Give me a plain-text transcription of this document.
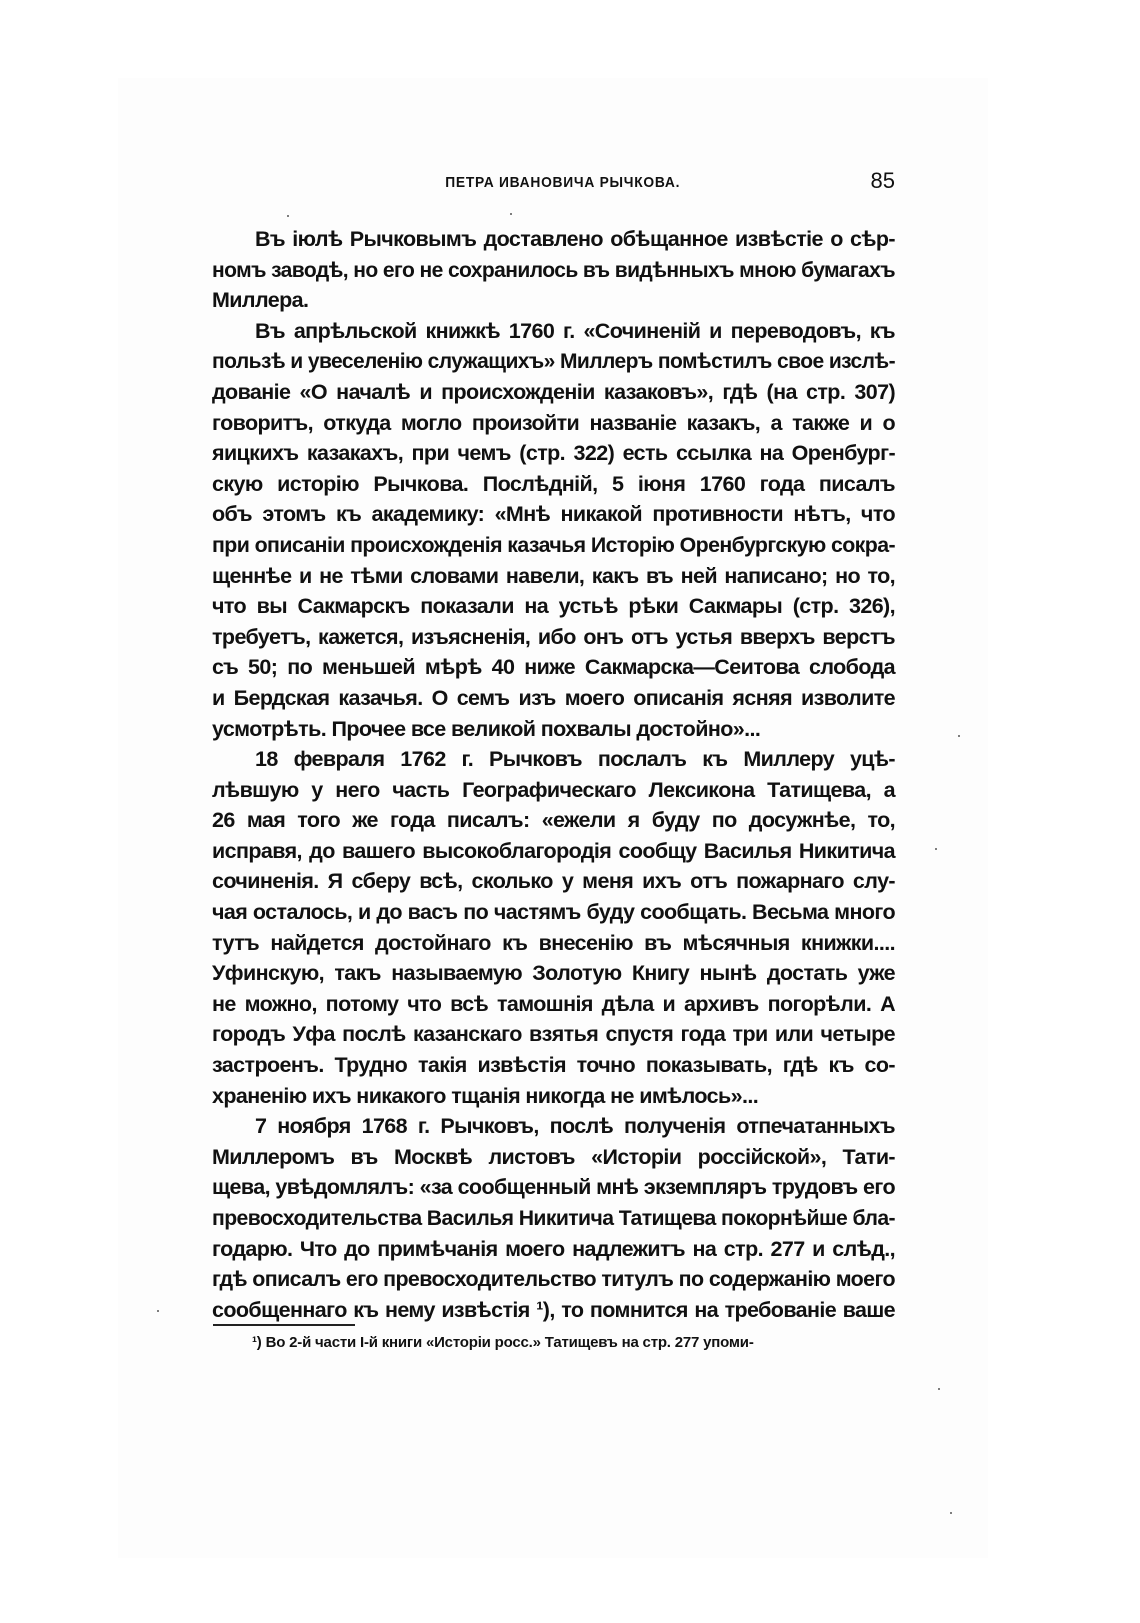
ПЕТРА ИВАНОВИЧА РЫЧКОВА.	85
Въ іюлѣ Рычковымъ доставлено обѣщанное извѣстіе о сѣр-
номъ заводѣ, но его не сохранилось въ видѣнныхъ мною бумагахъ
Миллера.
Въ апрѣльской книжкѣ 1760 г. «Сочиненій и переводовъ, къ
пользѣ и увеселенію служащихъ» Миллеръ помѣстилъ свое изслѣ-
дованіе «О началѣ и происхожденіи казаковъ», гдѣ (на стр. 307)
говоритъ, откуда могло произойти названіе казакъ, а также и о
яицкихъ казакахъ, при чемъ (стр. 322) есть ссылка на Оренбург-
скую исторію Рычкова. Послѣдній, 5 іюня 1760 года писалъ
объ этомъ къ академику: «Мнѣ никакой противности нѣтъ, что
при описаніи происхожденія казачья Исторію Оренбургскую сокра-
щеннѣе и не тѣми словами навели, какъ въ ней написано; но то,
что вы Сакмарскъ показали на устьѣ рѣки Сакмары (стр. 326),
требуетъ, кажется, изъясненія, ибо онъ отъ устья вверхъ верстъ
съ 50; по меньшей мѣрѣ 40 ниже Сакмарска—Сеитова слобода
и Бердская казачья. О семъ изъ моего описанія ясняя изволите
усмотрѣть. Прочее все великой похвалы достойно»...
18 февраля 1762 г. Рычковъ послалъ къ Миллеру уцѣ-
лѣвшую у него часть Географическаго Лексикона Татищева, а
26 мая того же года писалъ: «ежели я буду по досужнѣе, то,
исправя, до вашего высокоблагородія сообщу Василья Никитича
сочиненія. Я сберу всѣ, сколько у меня ихъ отъ пожарнаго слу-
чая осталось, и до васъ по частямъ буду сообщать. Весьма много
тутъ найдется достойнаго къ внесенію въ мѣсячныя книжки....
Уфинскую, такъ называемую Золотую Книгу нынѣ достать уже
не можно, потому что всѣ тамошнія дѣла и архивъ погорѣли. А
городъ Уфа послѣ казанскаго взятья спустя года три или четыре
застроенъ. Трудно такія извѣстія точно показывать, гдѣ къ со-
храненію ихъ никакого тщанія никогда не имѣлось»...
7 ноября 1768 г. Рычковъ, послѣ полученія отпечатанныхъ
Миллеромъ въ Москвѣ листовъ «Исторіи россійской», Тати-
щева, увѣдомлялъ: «за сообщенный мнѣ экземпляръ трудовъ его
превосходительства Василья Никитича Татищева покорнѣйше бла-
годарю. Что до примѣчанія моего надлежитъ на стр. 277 и слѣд.,
гдѣ описалъ его превосходительство титулъ по содержанію моего
сообщеннаго къ нему извѣстія ¹), то помнится на требованіе ваше
¹) Во 2-й части І-й книги «Исторіи росс.» Татищевъ на стр. 277 упоми-
